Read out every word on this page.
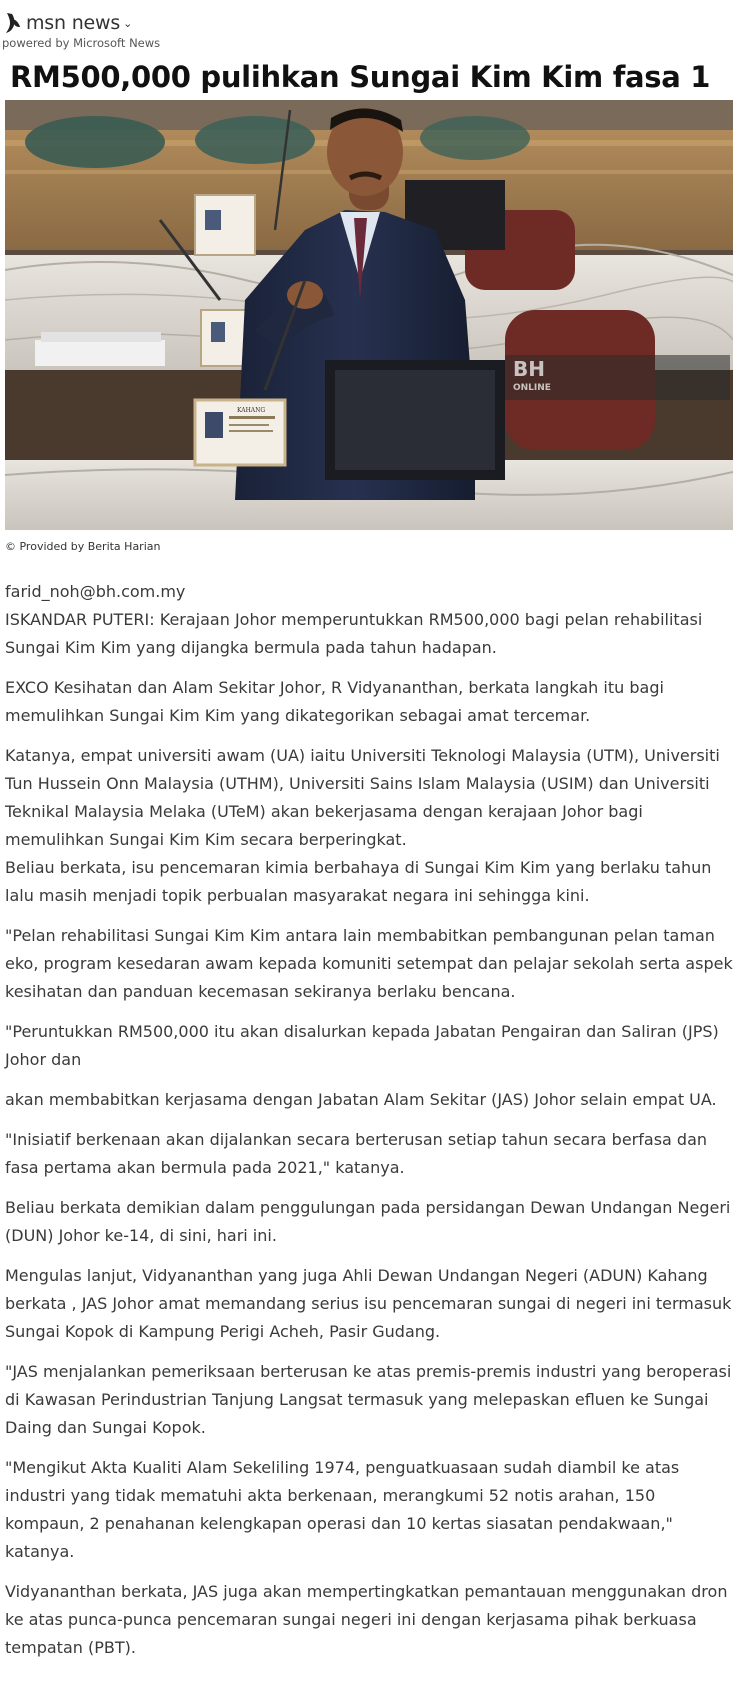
msn news ⌄
powered by Microsoft News
RM500,000 pulihkan Sungai Kim Kim fasa 1
KAHANG
BH
ONLINE
© Provided by Berita Harian
farid_noh@bh.com.my

ISKANDAR PUTERI: Kerajaan Johor memperuntukkan RM500,000 bagi pelan rehabilitasi Sungai Kim Kim yang dijangka bermula pada tahun hadapan.

EXCO Kesihatan dan Alam Sekitar Johor, R Vidyananthan, berkata langkah itu bagi memulihkan Sungai Kim Kim yang dikategorikan sebagai amat tercemar.

Katanya, empat universiti awam (UA) iaitu Universiti Teknologi Malaysia (UTM), Universiti Tun Hussein Onn Malaysia (UTHM), Universiti Sains Islam Malaysia (USIM) dan Universiti Teknikal Malaysia Melaka (UTeM) akan bekerjasama dengan kerajaan Johor bagi memulihkan Sungai Kim Kim secara berperingkat.

Beliau berkata, isu pencemaran kimia berbahaya di Sungai Kim Kim yang berlaku tahun lalu masih menjadi topik perbualan masyarakat negara ini sehingga kini.

"Pelan rehabilitasi Sungai Kim Kim antara lain membabitkan pembangunan pelan taman eko, program kesedaran awam kepada komuniti setempat dan pelajar sekolah serta aspek kesihatan dan panduan kecemasan sekiranya berlaku bencana.

"Peruntukkan RM500,000 itu akan disalurkan kepada Jabatan Pengairan dan Saliran (JPS) Johor dan

akan membabitkan kerjasama dengan Jabatan Alam Sekitar (JAS) Johor selain empat UA.

"Inisiatif berkenaan akan dijalankan secara berterusan setiap tahun secara berfasa dan fasa pertama akan bermula pada 2021," katanya.

Beliau berkata demikian dalam penggulungan pada persidangan Dewan Undangan Negeri (DUN) Johor ke-14, di sini, hari ini.

Mengulas lanjut, Vidyananthan yang juga Ahli Dewan Undangan Negeri (ADUN) Kahang berkata , JAS Johor amat memandang serius isu pencemaran sungai di negeri ini termasuk Sungai Kopok di Kampung Perigi Acheh, Pasir Gudang.

"JAS menjalankan pemeriksaan berterusan ke atas premis-premis industri yang beroperasi di Kawasan Perindustrian Tanjung Langsat termasuk yang melepaskan efluen ke Sungai Daing dan Sungai Kopok.

"Mengikut Akta Kualiti Alam Sekeliling 1974, penguatkuasaan sudah diambil ke atas industri yang tidak mematuhi akta berkenaan, merangkumi 52 notis arahan, 150 kompaun, 2 penahanan kelengkapan operasi dan 10 kertas siasatan pendakwaan," katanya.

Vidyananthan berkata, JAS juga akan mempertingkatkan pemantauan menggunakan dron ke atas punca-punca pencemaran sungai negeri ini dengan kerjasama pihak berkuasa tempatan (PBT).
